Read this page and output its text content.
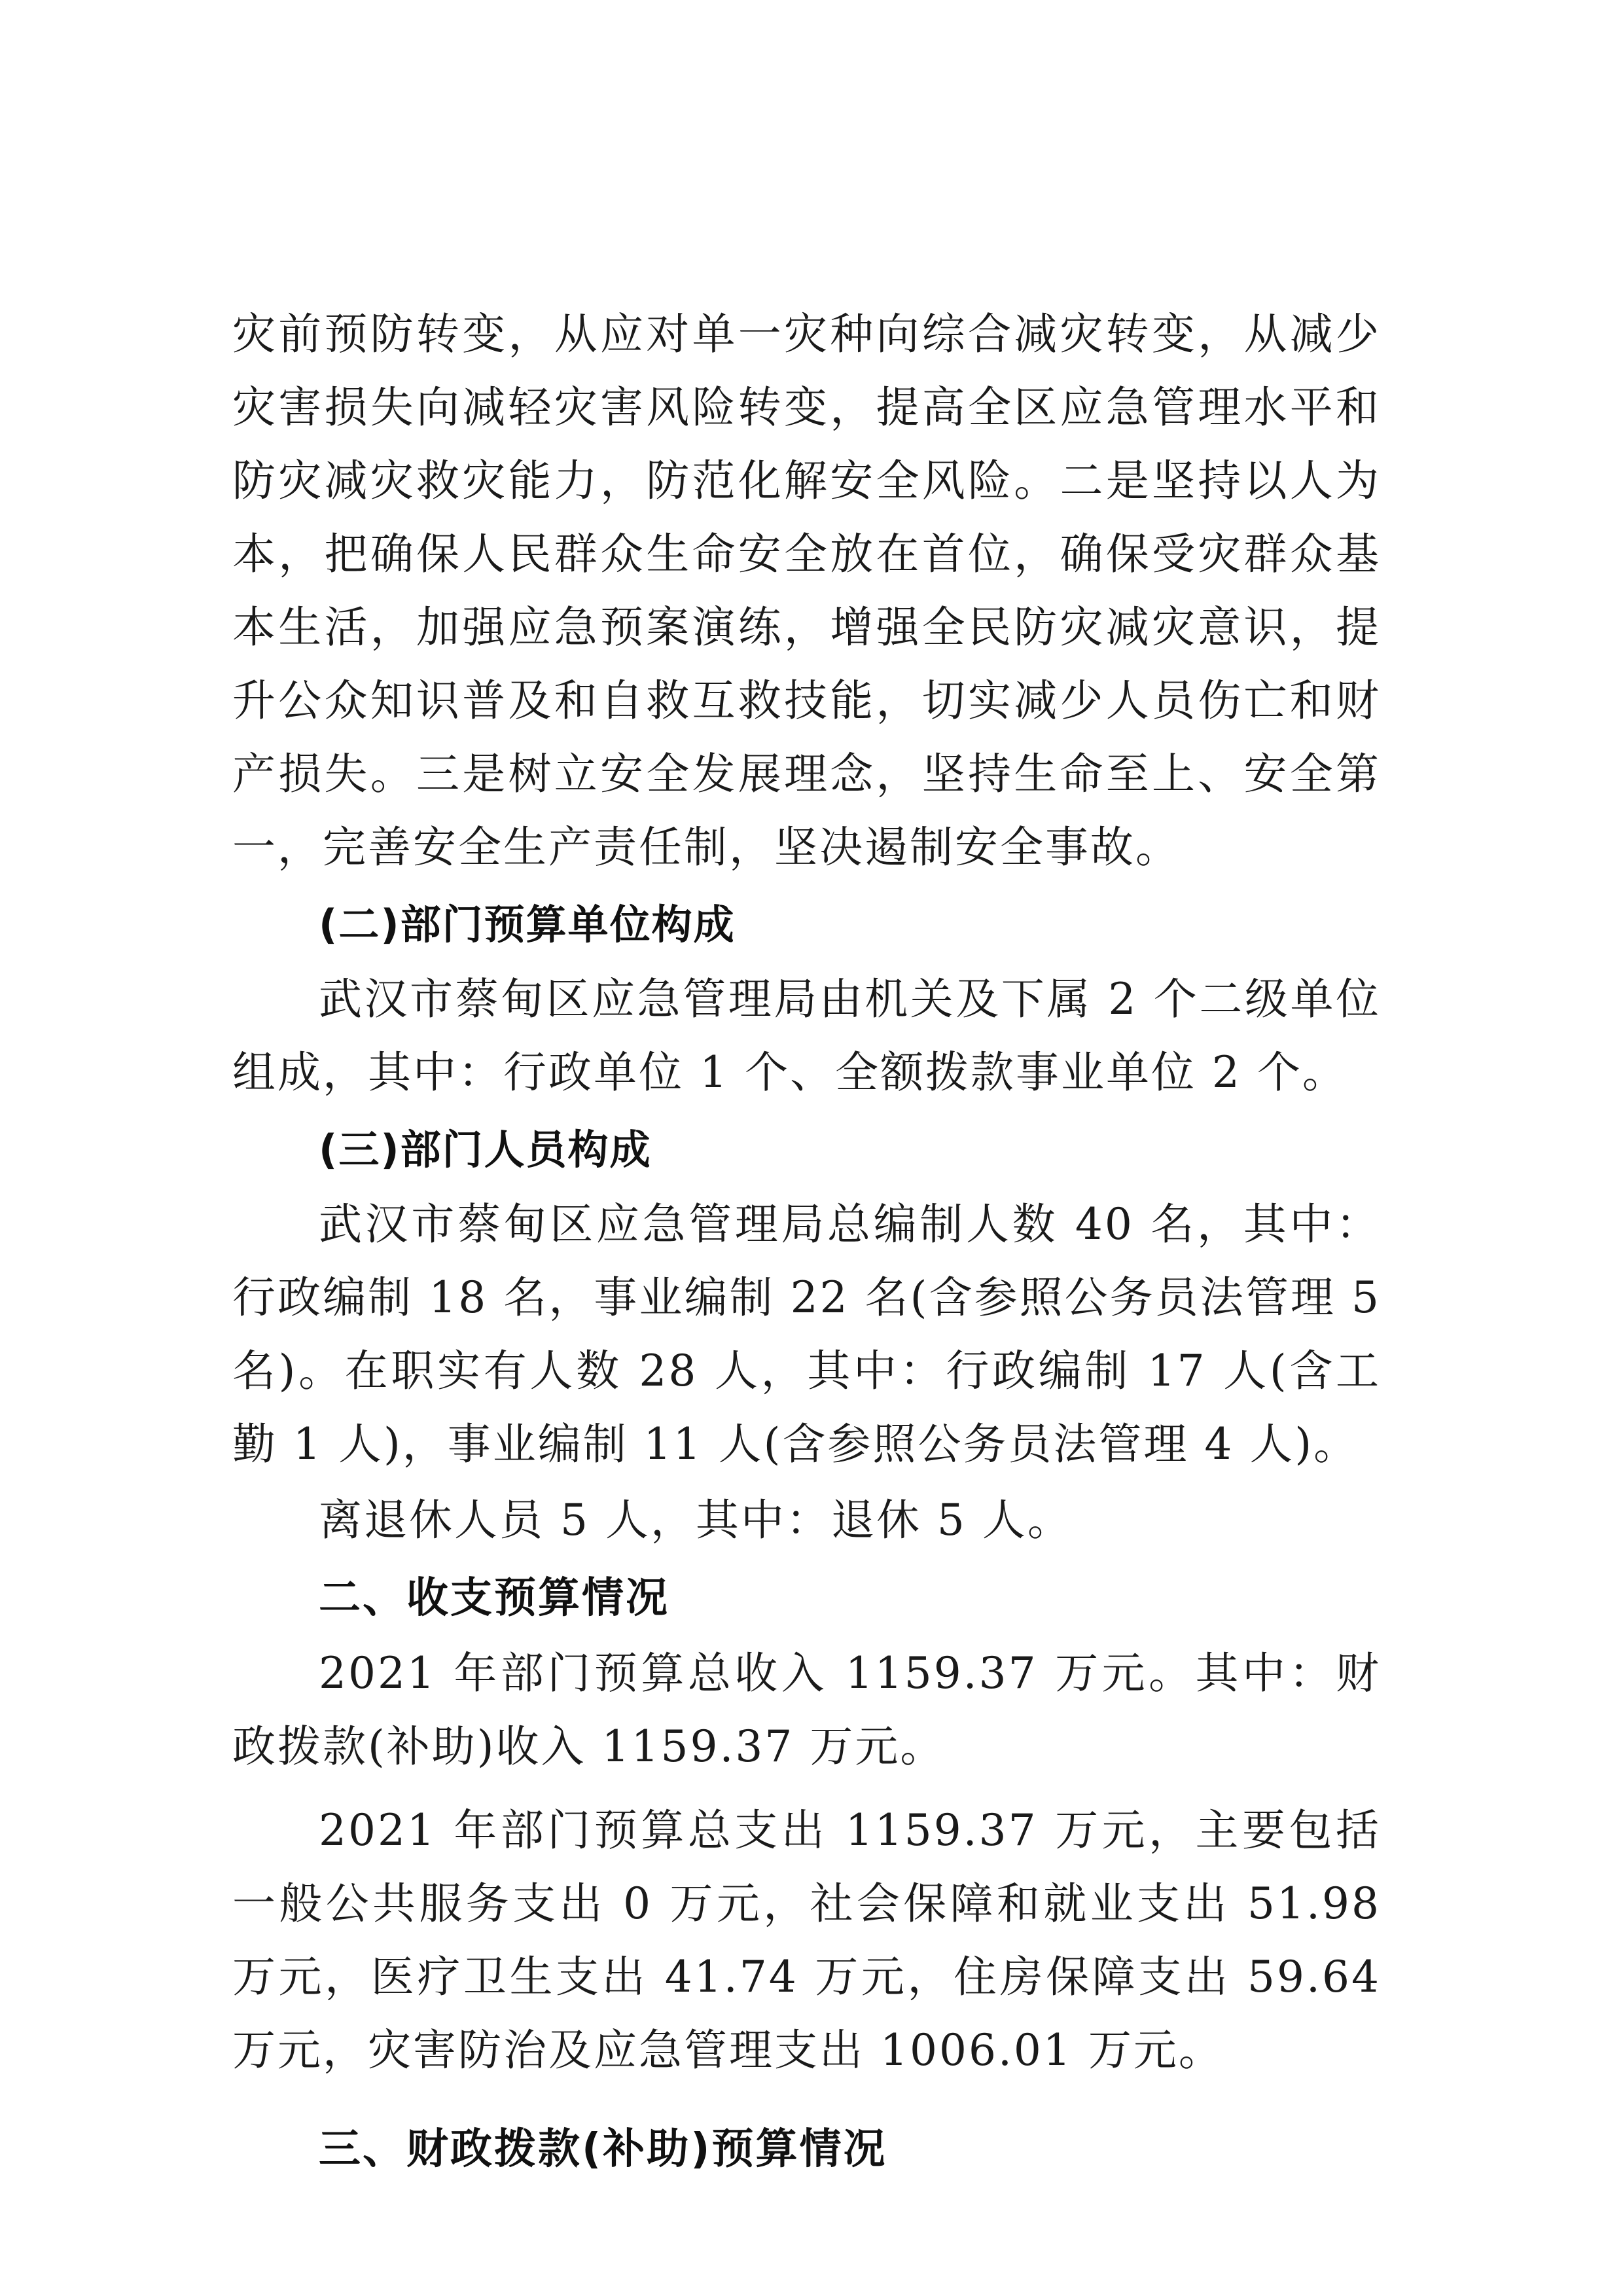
灾前预防转变，从应对单一灾种向综合减灾转变，从减少灾害损失向减轻灾害风险转变，提高全区应急管理水平和防灾减灾救灾能力，防范化解安全风险。二是坚持以人为本，把确保人民群众生命安全放在首位，确保受灾群众基本生活，加强应急预案演练，增强全民防灾减灾意识，提升公众知识普及和自救互救技能，切实减少人员伤亡和财产损失。三是树立安全发展理念，坚持生命至上、安全第一，完善安全生产责任制，坚决遏制安全事故。

(二)部门预算单位构成

武汉市蔡甸区应急管理局由机关及下属 2 个二级单位组成，其中：行政单位 1 个、全额拨款事业单位 2 个。

(三)部门人员构成

武汉市蔡甸区应急管理局总编制人数 40 名，其中：行政编制 18 名，事业编制 22 名(含参照公务员法管理 5 名)。在职实有人数 28 人，其中：行政编制 17 人(含工勤 1 人)，事业编制 11 人(含参照公务员法管理 4 人)。

离退休人员 5 人，其中：退休 5 人。

二、收支预算情况

2021 年部门预算总收入 1159.37 万元。其中：财政拨款(补助)收入 1159.37 万元。

2021 年部门预算总支出 1159.37 万元，主要包括一般公共服务支出 0 万元，社会保障和就业支出 51.98 万元，医疗卫生支出 41.74 万元，住房保障支出 59.64 万元，灾害防治及应急管理支出 1006.01 万元。

三、财政拨款(补助)预算情况
